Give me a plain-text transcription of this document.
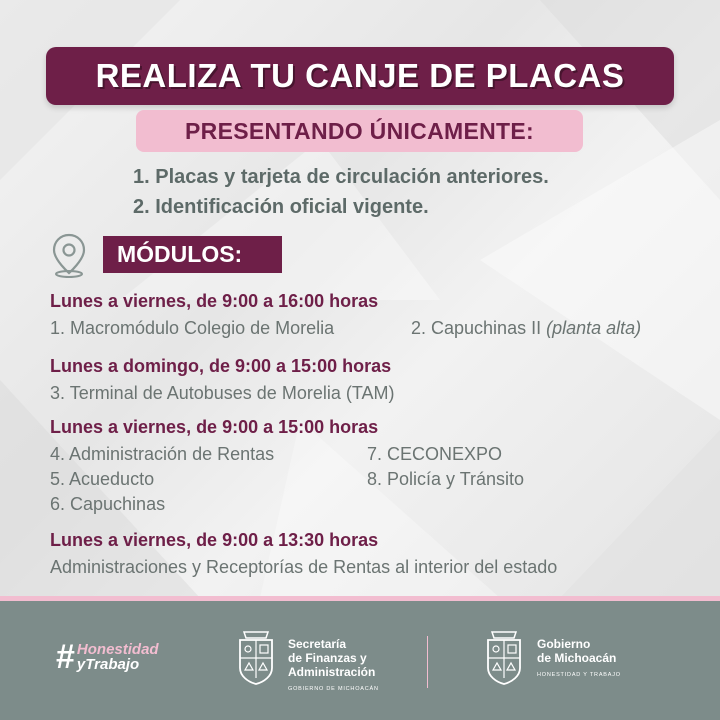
REALIZA TU CANJE DE PLACAS
PRESENTANDO ÚNICAMENTE:
1. Placas y tarjeta de circulación anteriores.
2. Identificación oficial vigente.
MÓDULOS:
Lunes a viernes, de 9:00 a 16:00 horas
1. Macromódulo Colegio de Morelia	2. Capuchinas II (planta alta)
Lunes a domingo, de 9:00 a 15:00 horas
3. Terminal de Autobuses de Morelia (TAM)
Lunes a viernes, de 9:00 a 15:00 horas
4. Administración de Rentas
5. Acueducto
6. Capuchinas
7. CECONEXPO
8. Policía y Tránsito
Lunes a viernes, de 9:00 a 13:30 horas
Administraciones y Receptorías de Rentas al interior del estado
# Honestidad
yTrabajo
Secretaría
de Finanzas y
Administración
GOBIERNO DE MICHOACÁN
Gobierno
de Michoacán
HONESTIDAD Y TRABAJO
